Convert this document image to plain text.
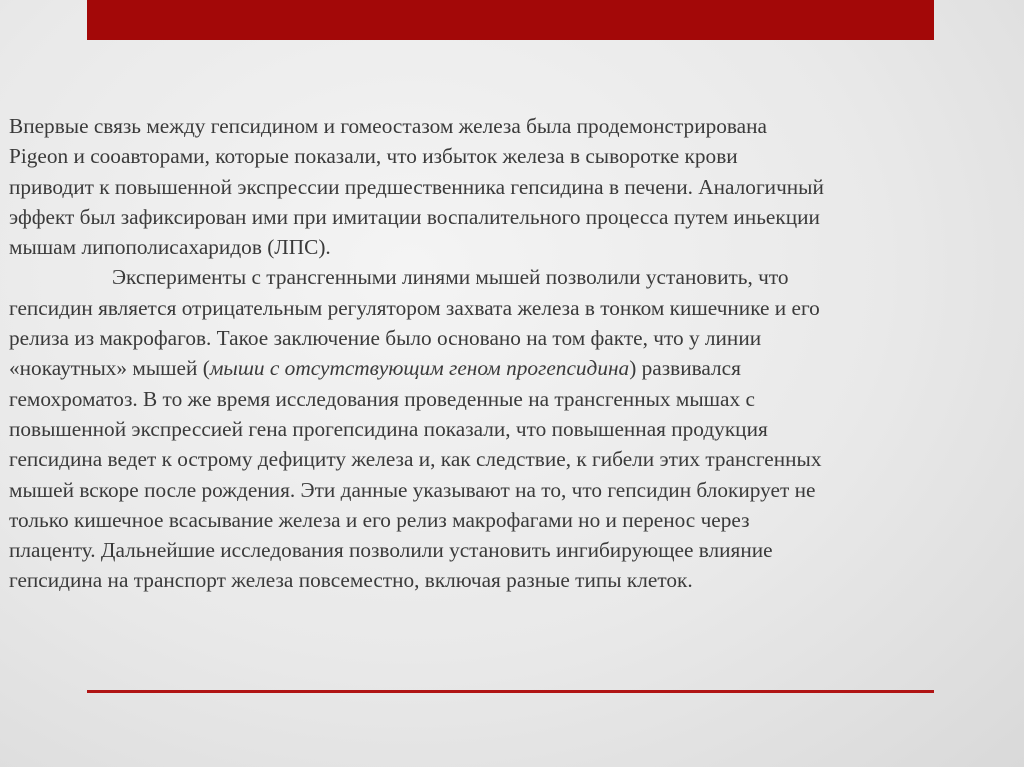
Впервые связь между гепсидином и гомеостазом железа была продемонстрирована
Pigeon и сооавторами, которые показали, что избыток железа в сыворотке крови
приводит к повышенной экспрессии предшественника гепсидина в печени. Аналогичный
эффект был зафиксирован ими при имитации воспалительного процесса путем иньекции
мышам липополисахаридов (ЛПС).
Эксперименты с трансгенными линями мышей позволили установить, что
гепсидин является отрицательным регулятором захвата железа в тонком кишечнике и его
релиза из макрофагов. Такое заключение было основано на том факте, что у линии
«нокаутных» мышей (мыши с отсутствующим геном прогепсидина) развивался
гемохроматоз. В то же время исследования проведенные на трансгенных мышах с
повышенной экспрессией гена прогепсидина показали, что повышенная продукция
гепсидина ведет к острому дефициту железа и, как следствие, к гибели этих трансгенных
мышей вскоре после рождения. Эти данные указывают на то, что гепсидин блокирует не
только кишечное всасывание железа и его релиз макрофагами но и перенос через
плаценту. Дальнейшие исследования позволили установить ингибирующее влияние
гепсидина на транспорт железа повсеместно, включая разные типы клеток.
